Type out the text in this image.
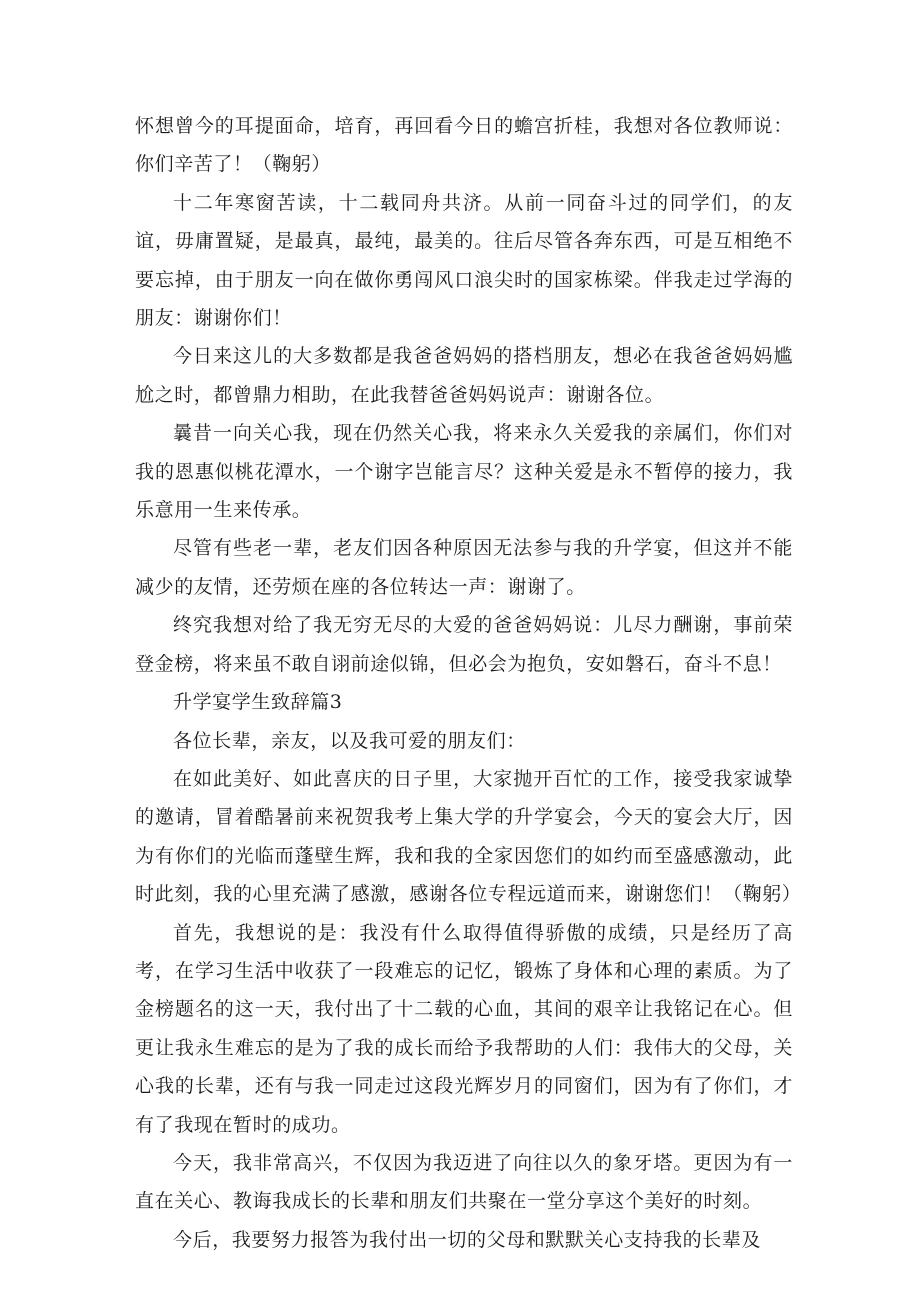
怀想曾今的耳提面命，培育，再回看今日的蟾宫折桂，我想对各位教师说：你们辛苦了！（鞠躬）

十二年寒窗苦读，十二载同舟共济。从前一同奋斗过的同学们，的友谊，毋庸置疑，是最真，最纯，最美的。往后尽管各奔东西，可是互相绝不要忘掉，由于朋友一向在做你勇闯风口浪尖时的国家栋梁。伴我走过学海的朋友：谢谢你们！

今日来这儿的大多数都是我爸爸妈妈的搭档朋友，想必在我爸爸妈妈尴尬之时，都曾鼎力相助，在此我替爸爸妈妈说声：谢谢各位。

曩昔一向关心我，现在仍然关心我，将来永久关爱我的亲属们，你们对我的恩惠似桃花潭水，一个谢字岂能言尽？这种关爱是永不暂停的接力，我乐意用一生来传承。

尽管有些老一辈，老友们因各种原因无法参与我的升学宴，但这并不能减少的友情，还劳烦在座的各位转达一声：谢谢了。

终究我想对给了我无穷无尽的大爱的爸爸妈妈说：儿尽力酬谢，事前荣登金榜，将来虽不敢自诩前途似锦，但必会为抱负，安如磐石，奋斗不息！

升学宴学生致辞篇3

各位长辈，亲友，以及我可爱的朋友们：

在如此美好、如此喜庆的日子里，大家抛开百忙的工作，接受我家诚挚的邀请，冒着酷暑前来祝贺我考上集大学的升学宴会，今天的宴会大厅，因为有你们的光临而蓬壁生辉，我和我的全家因您们的如约而至盛感激动，此时此刻，我的心里充满了感激，感谢各位专程远道而来，谢谢您们！（鞠躬）

首先，我想说的是：我没有什么取得值得骄傲的成绩，只是经历了高考，在学习生活中收获了一段难忘的记忆，锻炼了身体和心理的素质。为了金榜题名的这一天，我付出了十二载的心血，其间的艰辛让我铭记在心。但更让我永生难忘的是为了我的成长而给予我帮助的人们：我伟大的父母，关心我的长辈，还有与我一同走过这段光辉岁月的同窗们，因为有了你们，才有了我现在暂时的成功。

今天，我非常高兴，不仅因为我迈进了向往以久的象牙塔。更因为有一直在关心、教诲我成长的长辈和朋友们共聚在一堂分享这个美好的时刻。

今后，我要努力报答为我付出一切的父母和默默关心支持我的长辈及
